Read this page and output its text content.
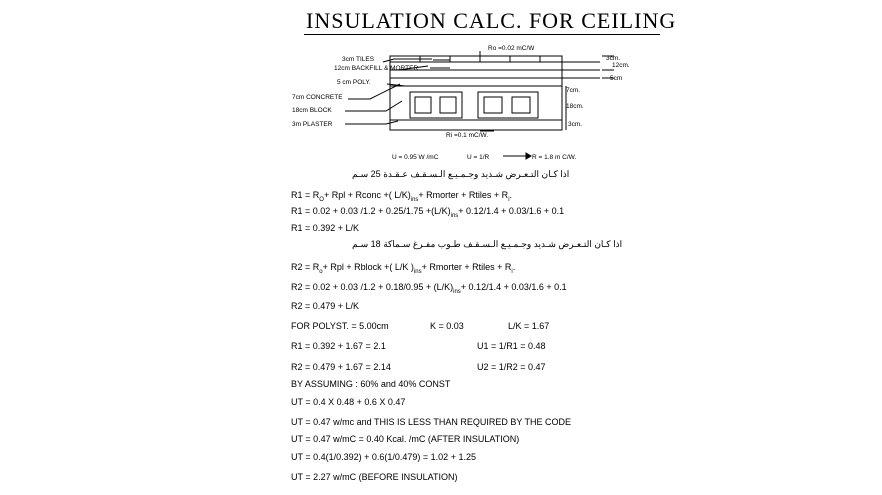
INSULATION CALC. FOR CEILING
3cm TILES
12cm BACKFILL & MORTER
5 cm POLY.
7cm CONCRETE
18cm BLOCK
3m PLASTER
3cm.
12cm.
5cm
7cm.
18cm.
3cm.
Ro =0.02 mC/W
Ri =0.1 mC/W.
U = 0.95 W /mC	U = 1/R	R = 1.8 m C/W.
اذا كـان التـعـرض شـديد وجـمـيـع الـسـقـف عـقـدة 25 سـم
$R1 = R_O+$ Rpl + Rconc +( $L/K)_{ins}+$ Rmorter + Rtiles + $R_i$.
R1 = 0.02 + 0.03 $/1.2 + 0.25/1.75 +(L/K)_{ins}+ 0.12/1.4 + 0.03/1.6 + 0.1$
R1 = 0.392 + L/K
اذا كـان التـعـرض شـديد وجـمـيـع الـسـقـف طـوب مفـرغ سـماكة 18 سـم
$R2 = R_o+$ Rpl + Rblock +( L/K )$_{ins}+$ Rmorter + Rtiles + $R_i$.
R2 = 0.02 + 0.03 $/1.2 + 0.18/0.95 + (L/K)_{ins}+ 0.12/1.4 + 0.03/1.6 + 0.1$
R2 = 0.479 + L/K
FOR POLYST. = 5.00cm	K = 0.03	L/K = 1.67
R1 = 0.392 + 1.67 = 2.1	U1 = 1/R1 = 0.48
R2 = 0.479 + 1.67 = 2.14	U2 = 1/R2 = 0.47
BY ASSUMING : 60% and 40% CONST
UT = 0.4 X 0.48 + 0.6 X 0.47
UT = 0.47 w/mc and THIS IS LESS THAN REQUIRED BY THE CODE
UT = 0.47 w/mC = 0.40 Kcal. /mC (AFTER INSULATION)
UT = 0.4(1/0.392) + 0.6(1/0.479) = 1.02 + 1.25
UT = 2.27 w/mC (BEFORE INSULATION)
